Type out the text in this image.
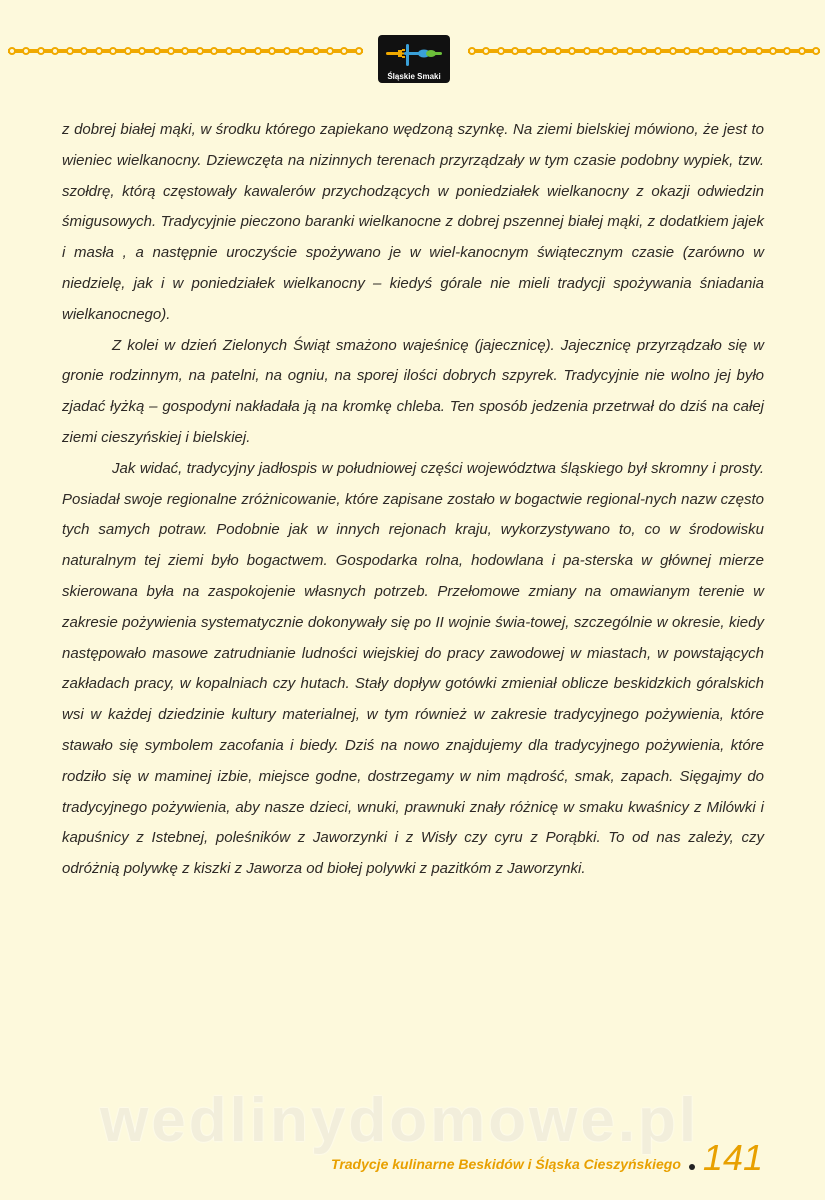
Śląskie Smaki

z dobrej białej mąki, w środku którego zapiekano wędzoną szynkę. Na ziemi bielskiej mówiono, że jest to wieniec wielkanocny. Dziewczęta na nizinnych terenach przyrządzały w tym czasie podobny wypiek, tzw. szołdrę, którą częstowały kawalerów przychodzących w poniedziałek wielkanocny z okazji odwiedzin śmigusowych. Tradycyjnie pieczono baranki wielkanocne z dobrej pszennej białej mąki, z dodatkiem jajek i masła , a następnie uroczyście spożywano je w wiel-kanocnym świątecznym czasie (zarówno w niedzielę, jak i w poniedziałek wielkanocny – kiedyś górale nie mieli tradycji spożywania śniadania wielkanocnego).

Z kolei w dzień Zielonych Świąt smażono wajeśnicę (jajecznicę). Jajecznicę przyrządzało się w gronie rodzinnym, na patelni, na ogniu, na sporej ilości dobrych szpyrek. Tradycyjnie nie wolno jej było zjadać łyżką – gospodyni nakładała ją na kromkę chleba. Ten sposób jedzenia przetrwał do dziś na całej ziemi cieszyńskiej i bielskiej.

Jak widać, tradycyjny jadłospis w południowej części województwa śląskiego był skromny i prosty. Posiadał swoje regionalne zróżnicowanie, które zapisane zostało w bogactwie regional-nych nazw często tych samych potraw. Podobnie jak w innych rejonach kraju, wykorzystywano to, co w środowisku naturalnym tej ziemi było bogactwem. Gospodarka rolna, hodowlana i pa-sterska w głównej mierze skierowana była na zaspokojenie własnych potrzeb. Przełomowe zmiany na omawianym terenie w zakresie pożywienia systematycznie dokonywały się po II wojnie świa-towej, szczególnie w okresie, kiedy następowało masowe zatrudnianie ludności wiejskiej do pracy zawodowej w miastach, w powstających zakładach pracy, w kopalniach czy hutach. Stały dopływ gotówki zmieniał oblicze beskidzkich góralskich wsi w każdej dziedzinie kultury materialnej, w tym również w zakresie tradycyjnego pożywienia, które stawało się symbolem zacofania i biedy. Dziś na nowo znajdujemy dla tradycyjnego pożywienia, które rodziło się w maminej izbie, miejsce godne, dostrzegamy w nim mądrość, smak, zapach. Sięgajmy do tradycyjnego pożywienia, aby nasze dzieci, wnuki, prawnuki znały różnicę w smaku kwaśnicy z Milówki i kapuśnicy z Istebnej, poleśników z Jaworzynki i z Wisły czy cyru z Porąbki. To od nas zależy, czy odróżnią polywkę z kiszki z Jaworza od biołej polywki z pazitkóm z Jaworzynki.

wedlinydomowe.pl
Tradycje kulinarne Beskidów i Śląska Cieszyńskiego 141
